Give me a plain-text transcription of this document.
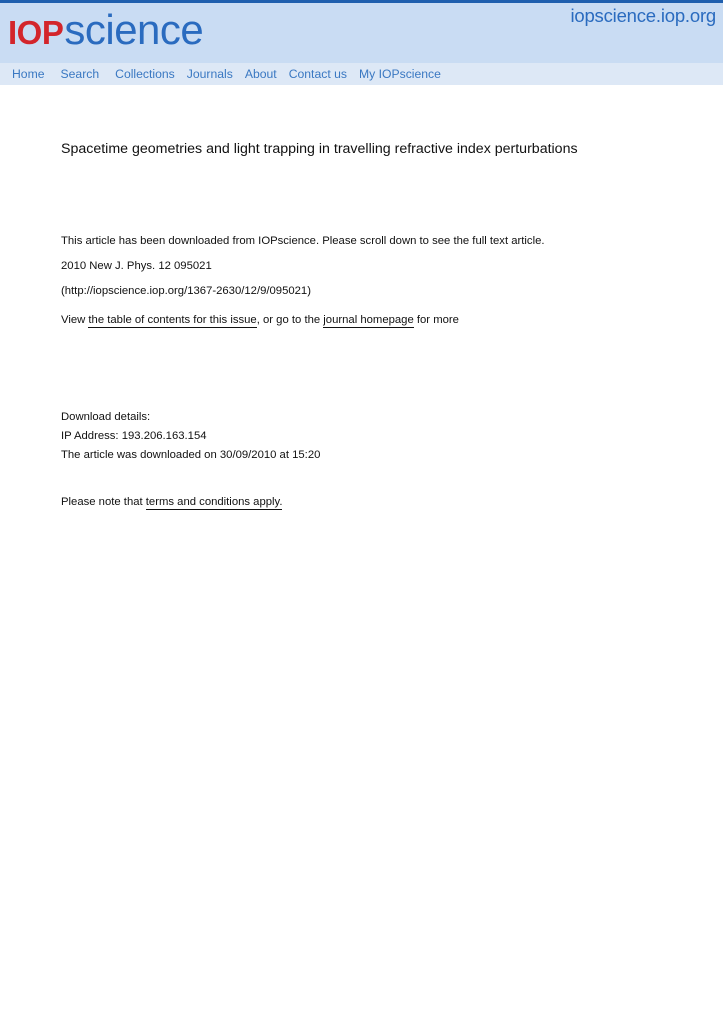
IOP science	iopscience.iop.org
Home Search Collections Journals About Contact us My IOPscience
Spacetime geometries and light trapping in travelling refractive index perturbations
This article has been downloaded from IOPscience. Please scroll down to see the full text article.
2010 New J. Phys. 12 095021
(http://iopscience.iop.org/1367-2630/12/9/095021)
View the table of contents for this issue, or go to the journal homepage for more
Download details:
IP Address: 193.206.163.154
The article was downloaded on 30/09/2010 at 15:20
Please note that terms and conditions apply.
